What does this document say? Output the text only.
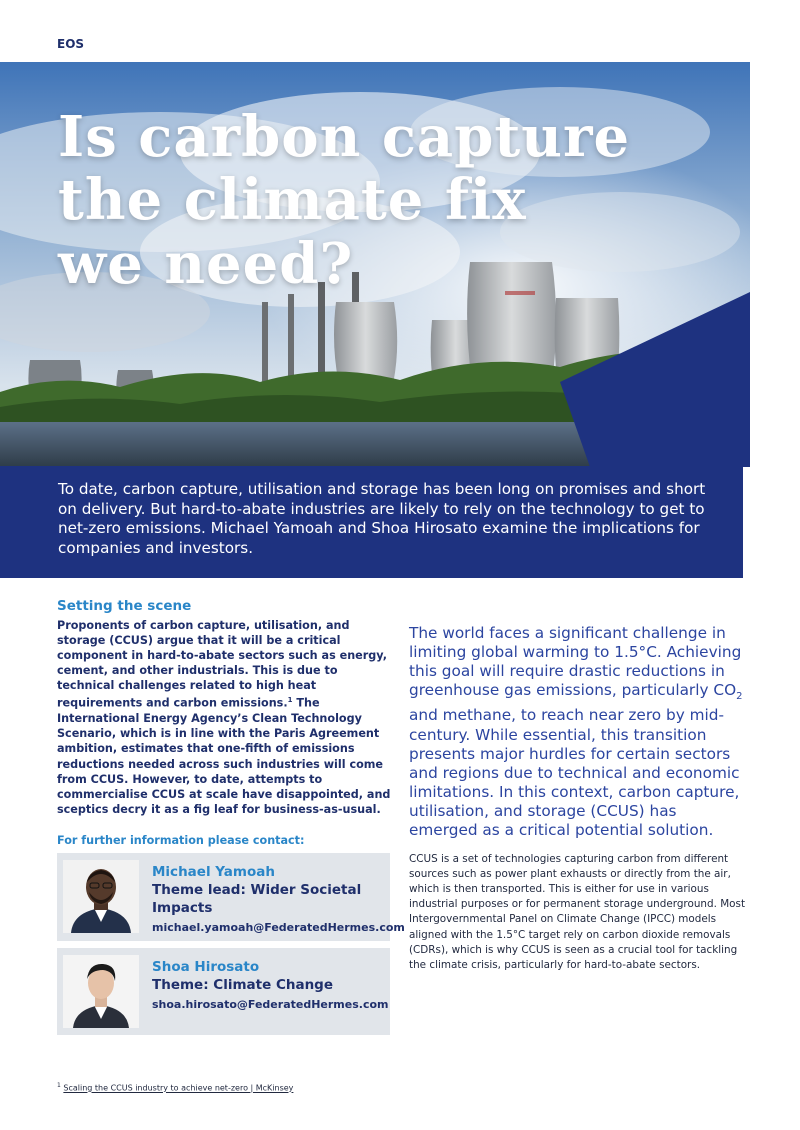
EOS
Is carbon capture
the climate fix
we need?

To date, carbon capture, utilisation and storage has been long on promises and short on delivery. But hard-to-abate industries are likely to rely on the technology to get to net-zero emissions. Michael Yamoah and Shoa Hirosato examine the implications for companies and investors.

Setting the scene

Proponents of carbon capture, utilisation, and storage (CCUS) argue that it will be a critical component in hard-to-abate sectors such as energy, cement, and other industrials. This is due to technical challenges related to high heat requirements and carbon emissions.$^1$ The International Energy Agency’s Clean Technology Scenario, which is in line with the Paris Agreement ambition, estimates that one-fifth of emissions reductions needed across such industries will come from CCUS. However, to date, attempts to commercialise CCUS at scale have disappointed, and sceptics decry it as a fig leaf for business-as-usual.

For further information please contact:
Michael Yamoah
Theme lead: Wider Societal
Impacts
michael.yamoah@FederatedHermes.com
Shoa Hirosato
Theme: Climate Change
shoa.hirosato@FederatedHermes.com

The world faces a significant challenge in limiting global warming to 1.5°C. Achieving this goal will require drastic reductions in greenhouse gas emissions, particularly $CO_2$ and methane, to reach near zero by mid-century. While essential, this transition presents major hurdles for certain sectors and regions due to technical and economic limitations. In this context, carbon capture, utilisation, and storage (CCUS) has emerged as a critical potential solution.

CCUS is a set of technologies capturing carbon from different sources such as power plant exhausts or directly from the air, which is then transported. This is either for use in various industrial purposes or for permanent storage underground. Most Intergovernmental Panel on Climate Change (IPCC) models aligned with the 1.5°C target rely on carbon dioxide removals (CDRs), which is why CCUS is seen as a crucial tool for tackling the climate crisis, particularly for hard-to-abate sectors.

$^1$ Scaling the CCUS industry to achieve net-zero | McKinsey
